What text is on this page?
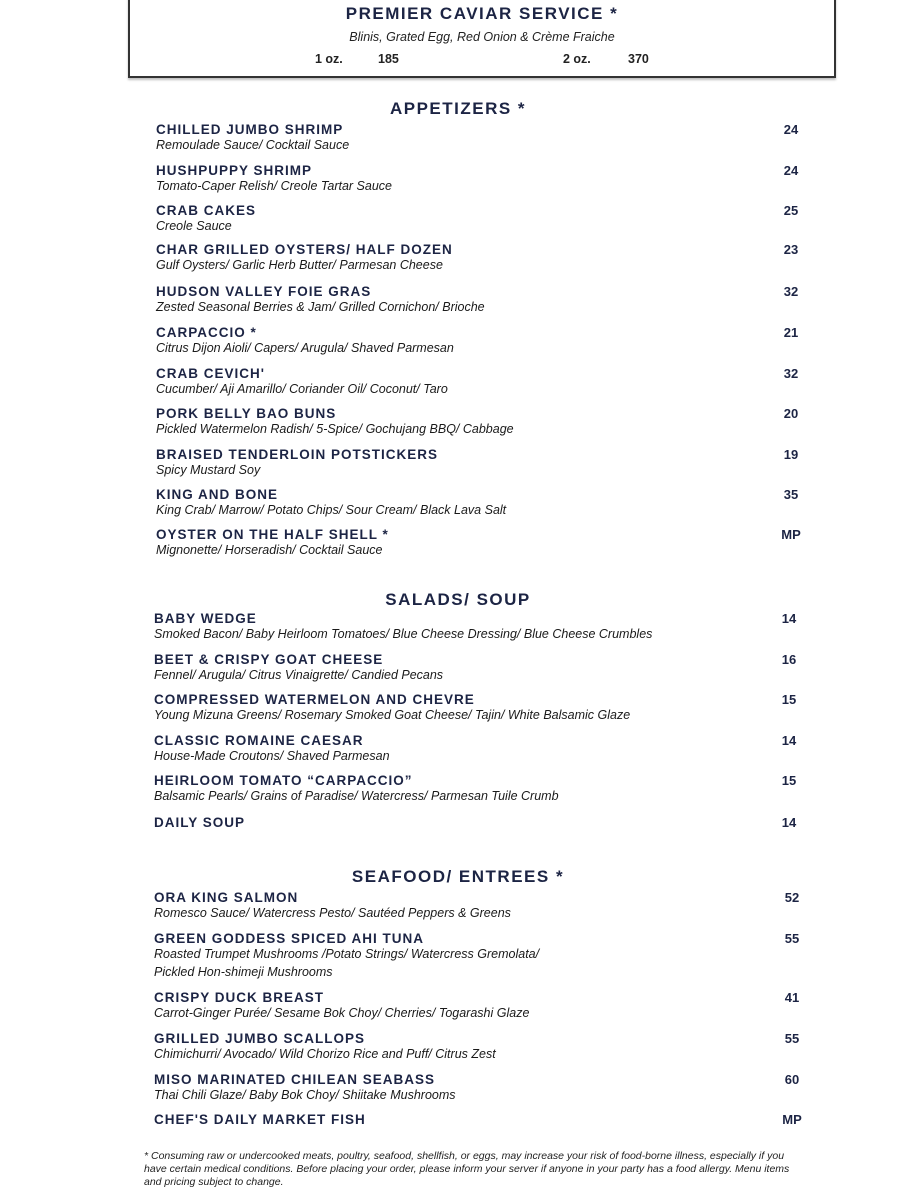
PREMIER CAVIAR SERVICE *
Blinis, Grated Egg, Red Onion & Crème Fraiche
1 oz.	185	2 oz.	370
APPETIZERS *
CHILLED JUMBO SHRIMP
Remoulade Sauce/ Cocktail Sauce
24
HUSHPUPPY SHRIMP
Tomato-Caper Relish/ Creole Tartar Sauce
24
CRAB CAKES
Creole Sauce
25
CHAR GRILLED OYSTERS/ HALF DOZEN
Gulf Oysters/ Garlic Herb Butter/ Parmesan Cheese
23
HUDSON VALLEY FOIE GRAS
Zested Seasonal Berries & Jam/ Grilled Cornichon/ Brioche
32
CARPACCIO *
Citrus Dijon Aioli/ Capers/ Arugula/ Shaved Parmesan
21
CRAB CEVICH'
Cucumber/ Aji Amarillo/ Coriander Oil/ Coconut/ Taro
32
PORK BELLY BAO BUNS
Pickled Watermelon Radish/ 5-Spice/ Gochujang BBQ/ Cabbage
20
BRAISED TENDERLOIN POTSTICKERS
Spicy Mustard Soy
19
KING AND BONE
King Crab/ Marrow/ Potato Chips/ Sour Cream/ Black Lava Salt
35
OYSTER ON THE HALF SHELL *
Mignonette/ Horseradish/ Cocktail Sauce
MP
SALADS/ SOUP
BABY WEDGE
Smoked Bacon/ Baby Heirloom Tomatoes/ Blue Cheese Dressing/ Blue Cheese Crumbles
14
BEET & CRISPY GOAT CHEESE
Fennel/ Arugula/ Citrus Vinaigrette/ Candied Pecans
16
COMPRESSED WATERMELON AND CHEVRE
Young Mizuna Greens/ Rosemary Smoked Goat Cheese/ Tajin/ White Balsamic Glaze
15
CLASSIC ROMAINE CAESAR
House-Made Croutons/ Shaved Parmesan
14
HEIRLOOM TOMATO “CARPACCIO”
Balsamic Pearls/ Grains of Paradise/ Watercress/ Parmesan Tuile Crumb
15
DAILY SOUP	14
SEAFOOD/ ENTREES *
ORA KING SALMON
Romesco Sauce/ Watercress Pesto/ Sautéed Peppers & Greens
52
GREEN GODDESS SPICED AHI TUNA
Roasted Trumpet Mushrooms /Potato Strings/ Watercress Gremolata/
Pickled Hon-shimeji Mushrooms
55
CRISPY DUCK BREAST
Carrot-Ginger Purée/ Sesame Bok Choy/ Cherries/ Togarashi Glaze
41
GRILLED JUMBO SCALLOPS
Chimichurri/ Avocado/ Wild Chorizo Rice and Puff/ Citrus Zest
55
MISO MARINATED CHILEAN SEABASS
Thai Chili Glaze/ Baby Bok Choy/ Shiitake Mushrooms
60
CHEF'S DAILY MARKET FISH	MP
* Consuming raw or undercooked meats, poultry, seafood, shellfish, or eggs, may increase your risk of food-borne illness, especially if you have certain medical conditions. Before placing your order, please inform your server if anyone in your party has a food allergy. Menu items and pricing subject to change.
